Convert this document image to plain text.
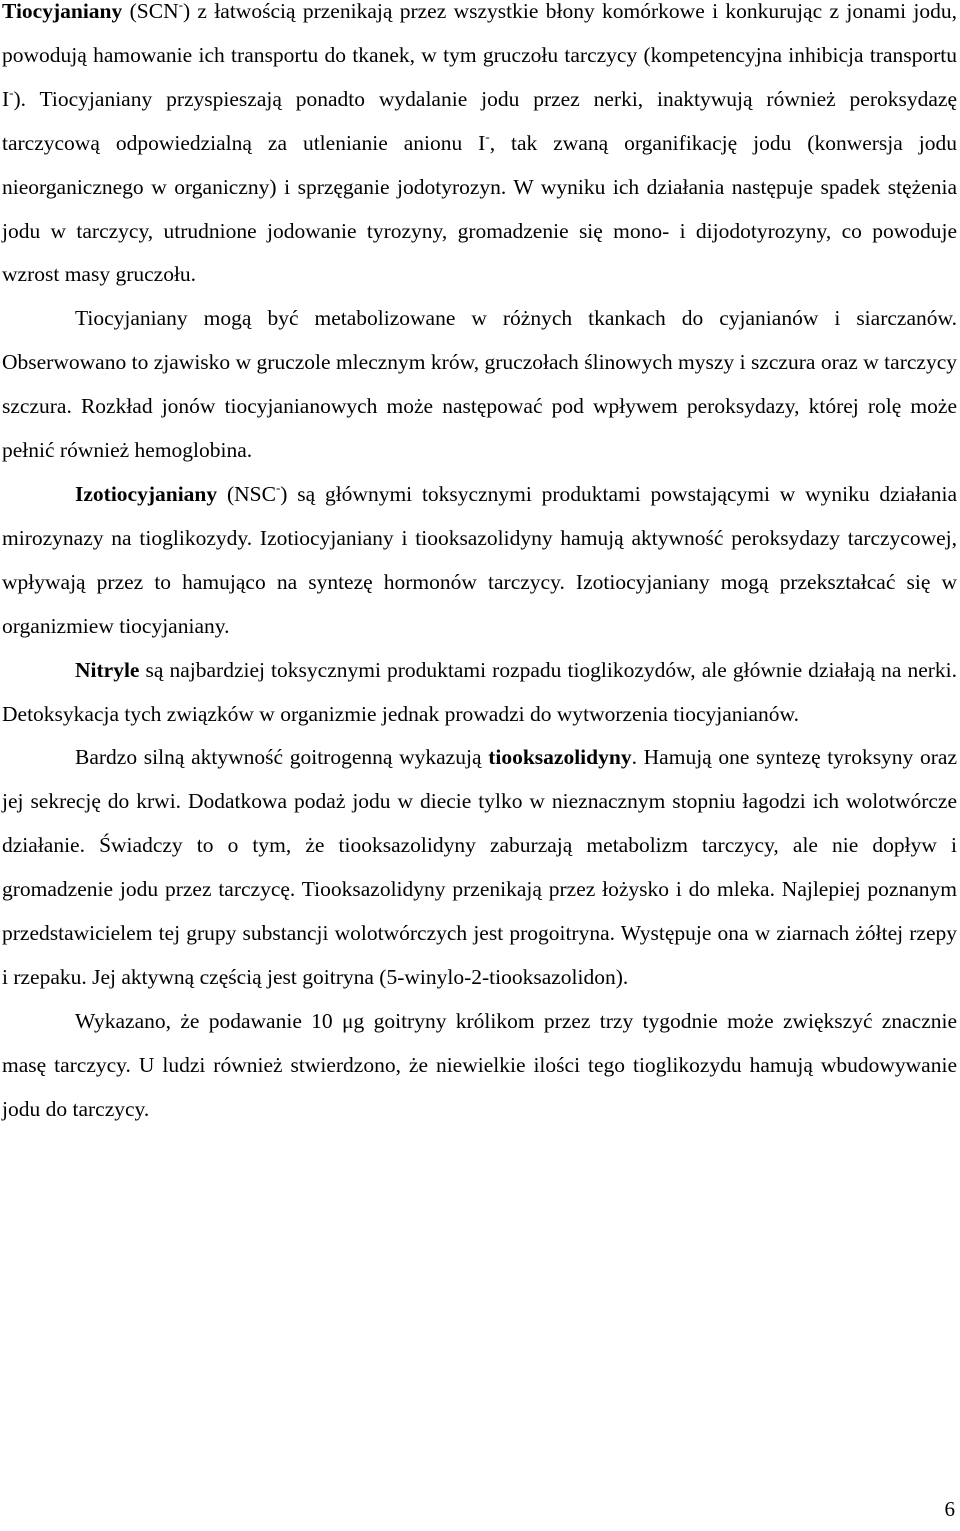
Tiocyjaniany (SCN-) z łatwością przenikają przez wszystkie błony komórkowe i konkurując z jonami jodu, powodują hamowanie ich transportu do tkanek, w tym gruczołu tarczycy (kompetencyjna inhibicja transportu I-). Tiocyjaniany przyspieszają ponadto wydalanie jodu przez nerki, inaktywują również peroksydazę tarczycową odpowiedzialną za utlenianie anionu I-, tak zwaną organifikację jodu (konwersja jodu nieorganicznego w organiczny) i sprzęganie jodotyrozyn. W wyniku ich działania następuje spadek stężenia jodu w tarczycy, utrudnione jodowanie tyrozyny, gromadzenie się mono- i dijodotyrozyny, co powoduje wzrost masy gruczołu.

Tiocyjaniany mogą być metabolizowane w różnych tkankach do cyjanianów i siarczanów. Obserwowano to zjawisko w gruczole mlecznym krów, gruczołach ślinowych myszy i szczura oraz w tarczycy szczura. Rozkład jonów tiocyjanianowych może następować pod wpływem peroksydazy, której rolę może pełnić również hemoglobina.

Izotiocyjaniany (NSC-) są głównymi toksycznymi produktami powstającymi w wyniku działania mirozynazy na tioglikozydy. Izotiocyjaniany i tiooksazolidyny hamują aktywność peroksydazy tarczycowej, wpływają przez to hamująco na syntezę hormonów tarczycy. Izotiocyjaniany mogą przekształcać się w organizmiew tiocyjaniany.

Nitryle są najbardziej toksycznymi produktami rozpadu tioglikozydów, ale głównie działają na nerki. Detoksykacja tych związków w organizmie jednak prowadzi do wytworzenia tiocyjanianów.

Bardzo silną aktywność goitrogenną wykazują tiooksazolidyny. Hamują one syntezę tyroksyny oraz jej sekrecję do krwi. Dodatkowa podaż jodu w diecie tylko w nieznacznym stopniu łagodzi ich wolotwórcze działanie. Świadczy to o tym, że tiooksazolidyny zaburzają metabolizm tarczycy, ale nie dopływ i gromadzenie jodu przez tarczycę. Tiooksazolidyny przenikają przez łożysko i do mleka. Najlepiej poznanym przedstawicielem tej grupy substancji wolotwórczych jest progoitryna. Występuje ona w ziarnach żółtej rzepy i rzepaku. Jej aktywną częścią jest goitryna (5-winylo-2-tiooksazolidon).

Wykazano, że podawanie 10 μg goitryny królikom przez trzy tygodnie może zwiększyć znacznie masę tarczycy. U ludzi również stwierdzono, że niewielkie ilości tego tioglikozydu hamują wbudowywanie jodu do tarczycy.

6
